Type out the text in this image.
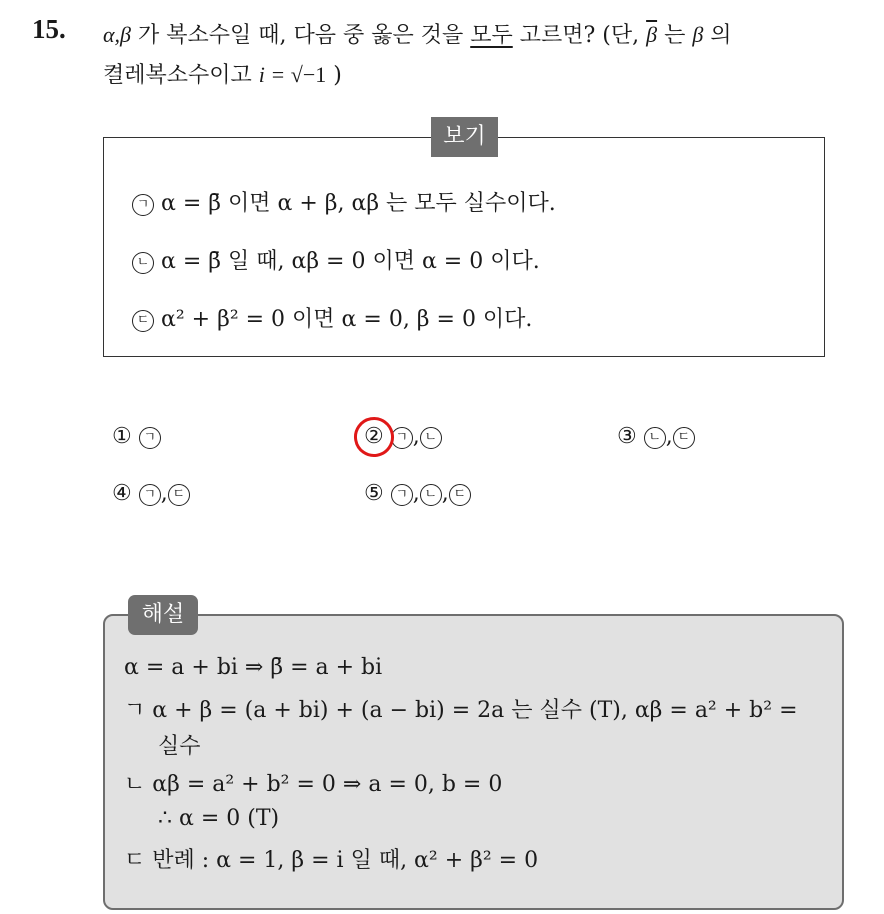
15. α,β 가 복소수일 때, 다음 중 옳은 것을 모두 고르면? (단, $\overline{\beta}$ 는 β 의
켤레복소수이고 i = √−1 )
보기
ㄱ α = β̄ 이면 α + β, αβ 는 모두 실수이다.
ㄴ α = β̄ 일 때, αβ = 0 이면 α = 0 이다.
ㄷ α² + β² = 0 이면 α = 0, β = 0 이다.
① ㄱ	② ㄱ , ㄴ	③ ㄴ , ㄷ
④ ㄱ , ㄷ	⑤ ㄱ , ㄴ , ㄷ
해설
α = a + bi ⇒ β̄ = a + bi
ㄱ α + β = (a + bi) + (a − bi) = 2a 는 실수 (T), αβ = a² + b² =
실수
ㄴ αβ = a² + b² = 0 ⇒ a = 0, b = 0
∴ α = 0 (T)
ㄷ 반례 : α = 1, β = i 일 때, α² + β² = 0
